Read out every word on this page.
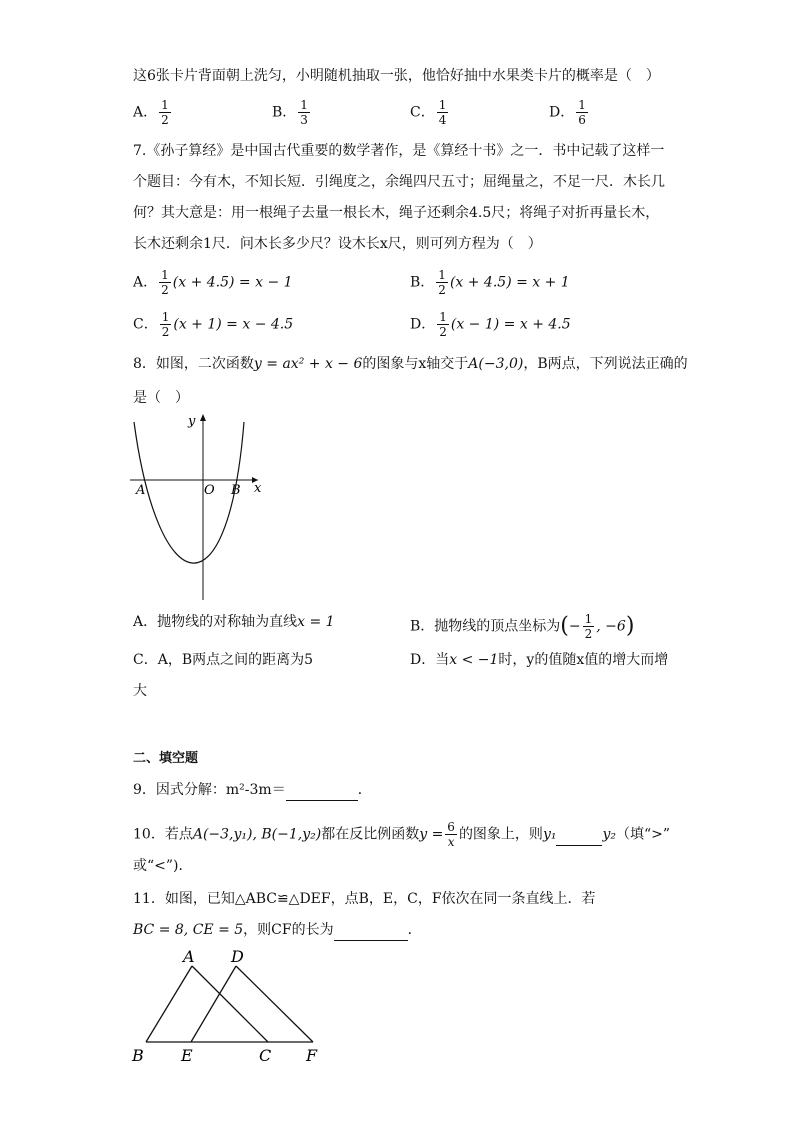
这6张卡片背面朝上洗匀，小明随机抽取一张，他恰好抽中水果类卡片的概率是（　）
A． $\frac{1}{2}$	B． $\frac{1}{3}$	C． $\frac{1}{4}$	D． $\frac{1}{6}$
7.《孙子算经》是中国古代重要的数学著作，是《算经十书》之一．书中记载了这样一
个题目：今有木，不知长短．引绳度之，余绳四尺五寸；屈绳量之，不足一尺．木长几
何？其大意是：用一根绳子去量一根长木，绳子还剩余4.5尺；将绳子对折再量长木，
长木还剩余1尺．问木长多少尺？设木长x尺，则可列方程为（　）
A． $\frac{1}{2} (x + 4.5) = x - 1$	B． $\frac{1}{2} (x + 4.5) = x + 1$
C． $\frac{1}{2} (x + 1) = x - 4.5$	D． $\frac{1}{2} (x - 1) = x + 4.5$
8．如图，二次函数y = ax² + x − 6的图象与x轴交于A(−3,0)，B两点，下列说法正确的
是（　）
y
x
A	O B
A．抛物线的对称轴为直线x = 1	B．抛物线的顶点坐标为(− $\frac{1}{2}$ , −6)
C．A，B两点之间的距离为5	D．当x < −1时，y的值随x值的增大而增
大
二、填空题
9．因式分解：m²-3m＝	．
10．若点A(−3,y₁), B(−1,y₂)都在反比例函数$y = \frac{6}{x}$ 的图象上，则y₁	y₂（填“>”
或“<”)．
11．如图，已知△ABC≌△DEF，点B，E，C，F依次在同一条直线上．若
BC = 8, CE = 5，则CF的长为	．
A D
B E	C F
